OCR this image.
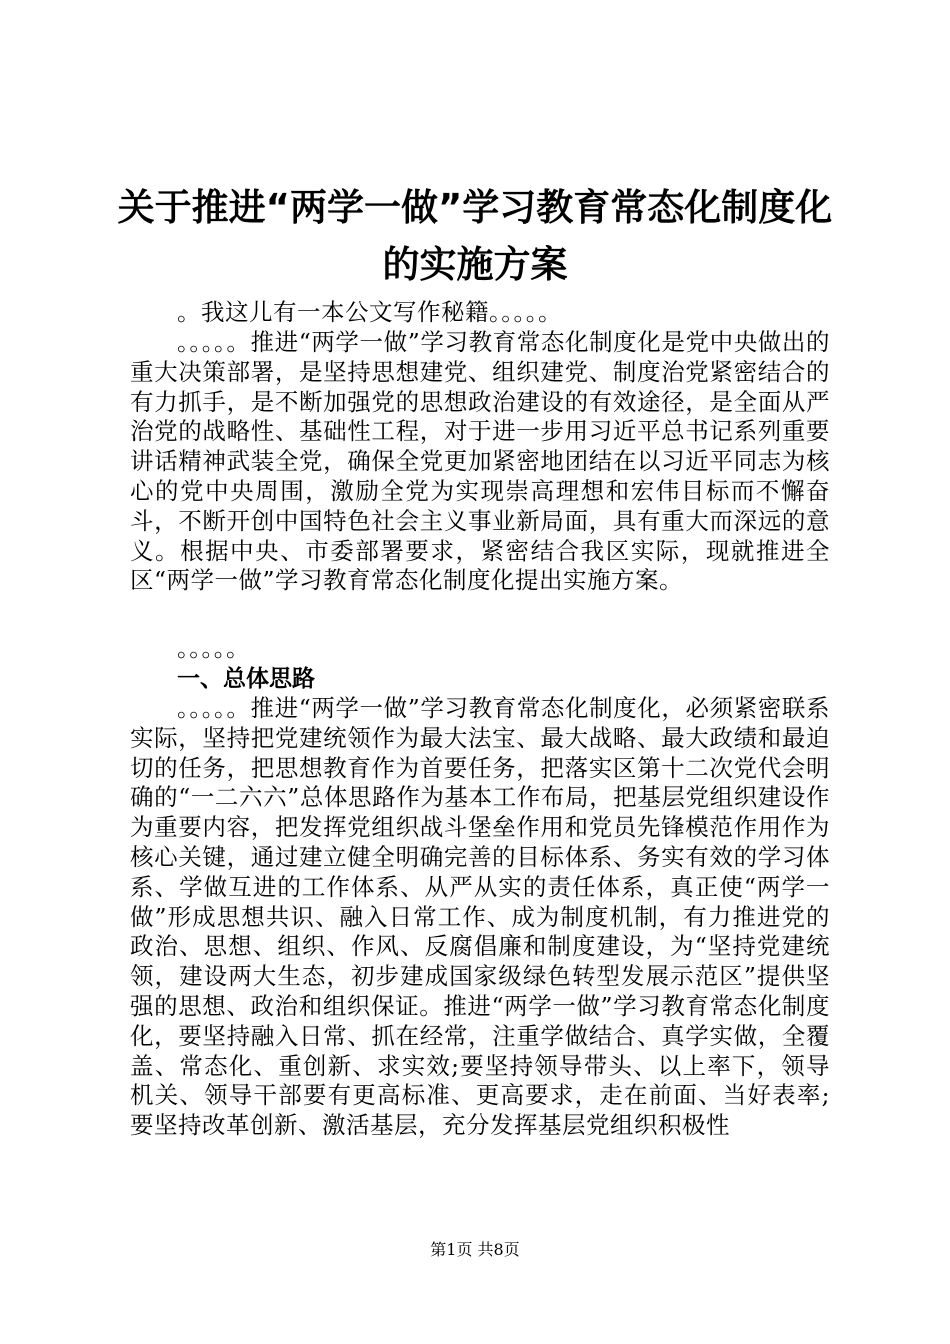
关于推进“两学一做”学习教育常态化制度化
的实施方案
。我这儿有一本公文写作秘籍。。。。。
。。。。。推进“两学一做”学习教育常态化制度化是党中央做出的重大决策部署，是坚持思想建党、组织建党、制度治党紧密结合的有力抓手，是不断加强党的思想政治建设的有效途径，是全面从严治党的战略性、基础性工程，对于进一步用习近平总书记系列重要讲话精神武装全党，确保全党更加紧密地团结在以习近平同志为核心的党中央周围，激励全党为实现崇高理想和宏伟目标而不懈奋斗，不断开创中国特色社会主义事业新局面，具有重大而深远的意义。根据中央、市委部署要求，紧密结合我区实际，现就推进全区“两学一做”学习教育常态化制度化提出实施方案。
。。。。。
一、总体思路
。。。。。推进“两学一做”学习教育常态化制度化，必须紧密联系实际，坚持把党建统领作为最大法宝、最大战略、最大政绩和最迫切的任务，把思想教育作为首要任务，把落实区第十二次党代会明确的“一二六六”总体思路作为基本工作布局，把基层党组织建设作为重要内容，把发挥党组织战斗堡垒作用和党员先锋模范作用作为核心关键，通过建立健全明确完善的目标体系、务实有效的学习体系、学做互进的工作体系、从严从实的责任体系，真正使“两学一做”形成思想共识、融入日常工作、成为制度机制，有力推进党的政治、思想、组织、作风、反腐倡廉和制度建设，为“坚持党建统领，建设两大生态，初步建成国家级绿色转型发展示范区”提供坚强的思想、政治和组织保证。推进“两学一做”学习教育常态化制度化，要坚持融入日常、抓在经常，注重学做结合、真学实做，全覆盖、常态化、重创新、求实效;要坚持领导带头、以上率下，领导机关、领导干部要有更高标准、更高要求，走在前面、当好表率;要坚持改革创新、激活基层，充分发挥基层党组织积极性
第1页 共8页
